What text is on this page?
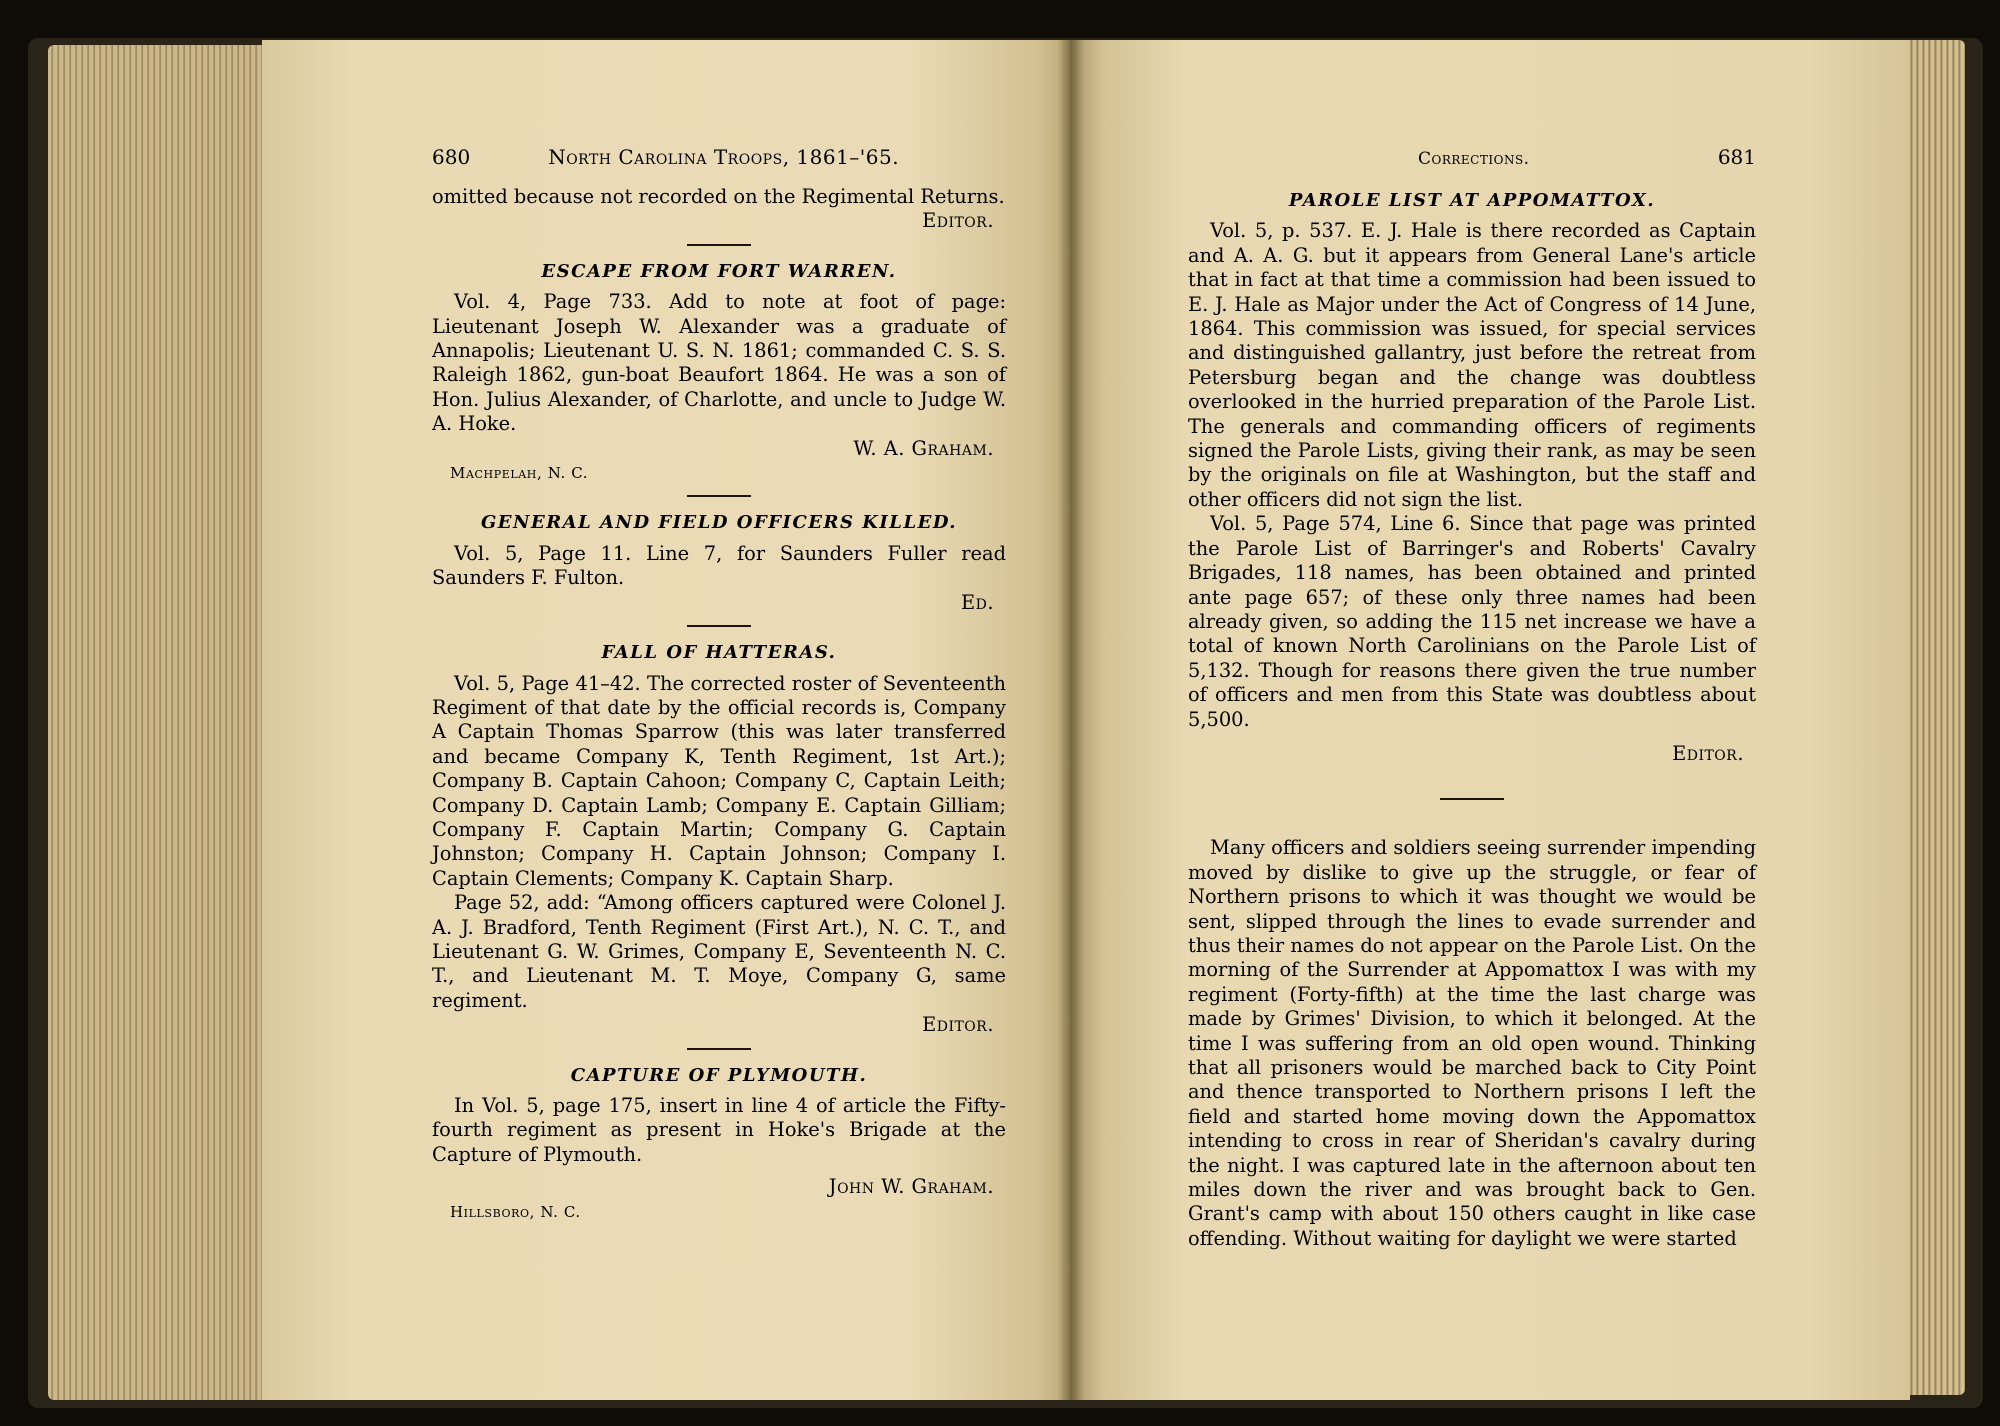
680	North Carolina Troops, 1861–'65.

omitted because not recorded on the Regimental Returns.

Editor.
ESCAPE FROM FORT WARREN.

Vol. 4, Page 733. Add to note at foot of page: Lieutenant Joseph W. Alexander was a graduate of Annapolis; Lieutenant U. S. N. 1861; commanded C. S. S. Raleigh 1862, gun-boat Beaufort 1864. He was a son of Hon. Julius Alexander, of Charlotte, and uncle to Judge W. A. Hoke.

W. A. Graham.
Machpelah, N. C.
GENERAL AND FIELD OFFICERS KILLED.

Vol. 5, Page 11. Line 7, for Saunders Fuller read Saunders F. Fulton.

Ed.
FALL OF HATTERAS.

Vol. 5, Page 41–42. The corrected roster of Seventeenth Regiment of that date by the official records is, Company A Captain Thomas Sparrow (this was later transferred and became Company K, Tenth Regiment, 1st Art.); Company B. Captain Cahoon; Company C, Captain Leith; Company D. Captain Lamb; Company E. Captain Gilliam; Company F. Captain Martin; Company G. Captain Johnston; Company H. Captain Johnson; Company I. Captain Clements; Company K. Captain Sharp.

Page 52, add: “Among officers captured were Colonel J. A. J. Bradford, Tenth Regiment (First Art.), N. C. T., and Lieutenant G. W. Grimes, Company E, Seventeenth N. C. T., and Lieutenant M. T. Moye, Company G, same regiment.

Editor.
CAPTURE OF PLYMOUTH.

In Vol. 5, page 175, insert in line 4 of article the Fifty-fourth regiment as present in Hoke's Brigade at the Capture of Plymouth.

John W. Graham.
Hillsboro, N. C.
Corrections.	681
PAROLE LIST AT APPOMATTOX.

Vol. 5, p. 537. E. J. Hale is there recorded as Captain and A. A. G. but it appears from General Lane's article that in fact at that time a commission had been issued to E. J. Hale as Major under the Act of Congress of 14 June, 1864. This commission was issued, for special services and distinguished gallantry, just before the retreat from Petersburg began and the change was doubtless overlooked in the hurried preparation of the Parole List. The generals and commanding officers of regiments signed the Parole Lists, giving their rank, as may be seen by the originals on file at Washington, but the staff and other officers did not sign the list.

Vol. 5, Page 574, Line 6. Since that page was printed the Parole List of Barringer's and Roberts' Cavalry Brigades, 118 names, has been obtained and printed ante page 657; of these only three names had been already given, so adding the 115 net increase we have a total of known North Carolinians on the Parole List of 5,132. Though for reasons there given the true number of officers and men from this State was doubtless about 5,500.

Editor.

Many officers and soldiers seeing surrender impending moved by dislike to give up the struggle, or fear of Northern prisons to which it was thought we would be sent, slipped through the lines to evade surrender and thus their names do not appear on the Parole List. On the morning of the Surrender at Appomattox I was with my regiment (Forty-fifth) at the time the last charge was made by Grimes' Division, to which it belonged. At the time I was suffering from an old open wound. Thinking that all prisoners would be marched back to City Point and thence transported to Northern prisons I left the field and started home moving down the Appomattox intending to cross in rear of Sheridan's cavalry during the night. I was captured late in the afternoon about ten miles down the river and was brought back to Gen. Grant's camp with about 150 others caught in like case offending. Without waiting for daylight we were started
